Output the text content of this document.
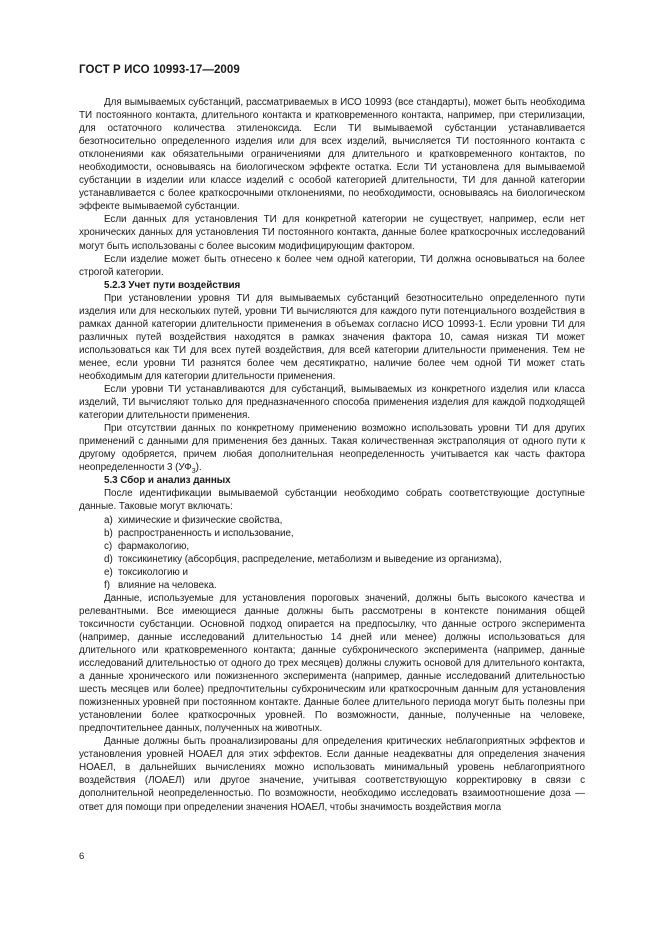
ГОСТ Р ИСО 10993-17—2009

Для вымываемых субстанций, рассматриваемых в ИСО 10993 (все стандарты), может быть необходима ТИ постоянного контакта, длительного контакта и кратковременного контакта, например, при стерилизации, для остаточного количества этиленоксида. Если ТИ вымываемой субстанции устанавливается безотносительно определенного изделия или для всех изделий, вычисляется ТИ постоянного контакта с отклонениями как обязательными ограничениями для длительного и кратковременного контактов, по необходимости, основываясь на биологическом эффекте остатка. Если ТИ установлена для вымываемой субстанции в изделии или классе изделий с особой категорией длительности, ТИ для данной категории устанавливается с более краткосрочными отклонениями, по необходимости, основываясь на биологическом эффекте вымываемой субстанции.

Если данных для установления ТИ для конкретной категории не существует, например, если нет хронических данных для установления ТИ постоянного контакта, данные более краткосрочных исследований могут быть использованы с более высоким модифицирующим фактором.

Если изделие может быть отнесено к более чем одной категории, ТИ должна основываться на более строгой категории.

5.2.3 Учет пути воздействия

При установлении уровня ТИ для вымываемых субстанций безотносительно определенного пути изделия или для нескольких путей, уровни ТИ вычисляются для каждого пути потенциального воздействия в рамках данной категории длительности применения в объемах согласно ИСО 10993-1. Если уровни ТИ для различных путей воздействия находятся в рамках значения фактора 10, самая низкая ТИ может использоваться как ТИ для всех путей воздействия, для всей категории длительности применения. Тем не менее, если уровни ТИ разнятся более чем десятикратно, наличие более чем одной ТИ может стать необходимым для категории длительности применения.

Если уровни ТИ устанавливаются для субстанций, вымываемых из конкретного изделия или класса изделий, ТИ вычисляют только для предназначенного способа применения изделия для каждой подходящей категории длительности применения.

При отсутствии данных по конкретному применению возможно использовать уровни ТИ для других применений с данными для применения без данных. Такая количественная экстраполяция от одного пути к другому одобряется, причем любая дополнительная неопределенность учитывается как часть фактора неопределенности 3 $(УФ_3)$.

5.3 Сбор и анализ данных

После идентификации вымываемой субстанции необходимо собрать соответствующие доступные данные. Таковые могут включать:

a) химические и физические свойства,
b) распространенность и использование,
c) фармакологию,
d) токсикинетику (абсорбция, распределение, метаболизм и выведение из организма),
e) токсикологию и
f) влияние на человека.

Данные, используемые для установления пороговых значений, должны быть высокого качества и релевантными. Все имеющиеся данные должны быть рассмотрены в контексте понимания общей токсичности субстанции. Основной подход опирается на предпосылку, что данные острого эксперимента (например, данные исследований длительностью 14 дней или менее) должны использоваться для длительного или кратковременного контакта; данные субхронического эксперимента (например, данные исследований длительностью от одного до трех месяцев) должны служить основой для длительного контакта, а данные хронического или пожизненного эксперимента (например, данные исследований длительностью шесть месяцев или более) предпочтительны субхроническим или краткосрочным данным для установления пожизненных уровней при постоянном контакте. Данные более длительного периода могут быть полезны при установлении более краткосрочных уровней. По возможности, данные, полученные на человеке, предпочтительнее данных, полученных на животных.

Данные должны быть проанализированы для определения критических неблагоприятных эффектов и установления уровней НОАЕЛ для этих эффектов. Если данные неадекватны для определения значения НОАЕЛ, в дальнейших вычислениях можно использовать минимальный уровень неблагоприятного воздействия (ЛОАЕЛ) или другое значение, учитывая соответствующую корректировку в связи с дополнительной неопределенностью. По возможности, необходимо исследовать взаимоотношение доза — ответ для помощи при определении значения НОАЕЛ, чтобы значимость воздействия могла

6
